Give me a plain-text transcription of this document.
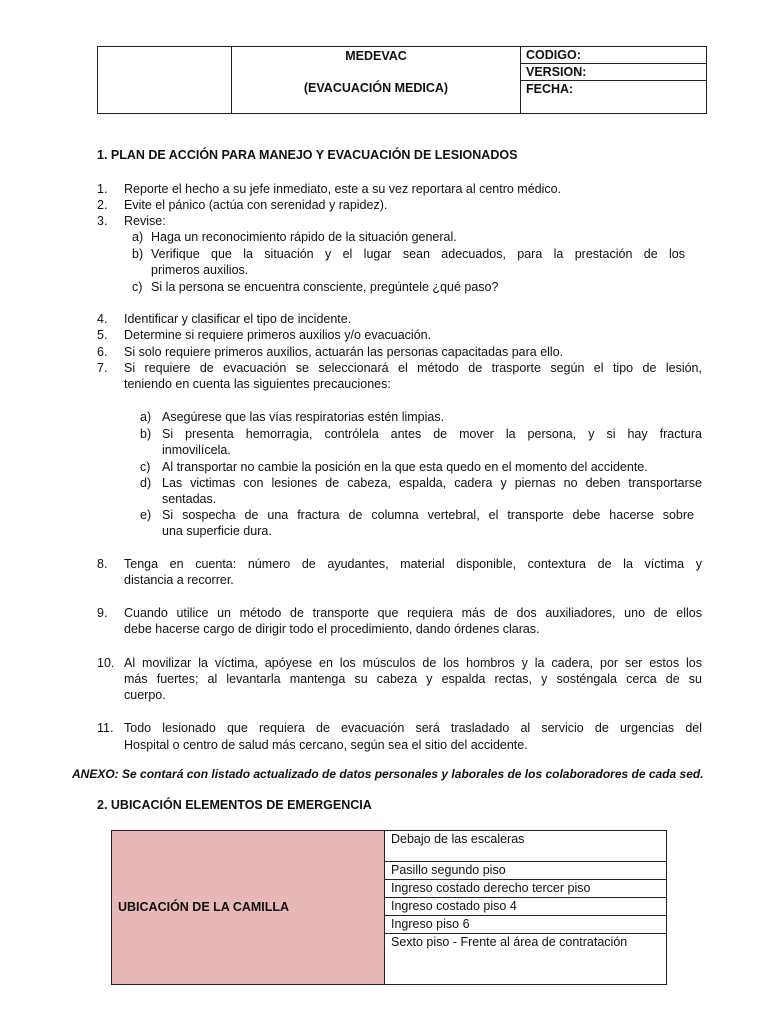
MEDEVAC
(EVACUACIÓN MEDICA)

CODIGO:
VERSION:
FECHA:
1. PLAN DE ACCIÓN PARA MANEJO Y EVACUACIÓN DE LESIONADOS
1. Reporte el hecho a su jefe inmediato, este a su vez reportara al centro médico.
2. Evite el pánico (actúa con serenidad y rapidez).
3. Revise:
a) Haga un reconocimiento rápido de la situación general.
b) Verifique que la situación y el lugar sean adecuados, para la prestación de los
primeros auxilios.
c) Si la persona se encuentra consciente, pregúntele ¿qué paso?
4. Identificar y clasificar el tipo de incidente.
5. Determine si requiere primeros auxilios y/o evacuación.
6. Si solo requiere primeros auxilios, actuarán las personas capacitadas para ello.
7. Si requiere de evacuación se seleccionará el método de trasporte según el tipo de lesión,
teniendo en cuenta las siguientes precauciones:
a) Asegúrese que las vías respiratorias estén limpias.
b) Si presenta hemorragia, contrólela antes de mover la persona, y si hay fractura
inmovilícela.
c) Al transportar no cambie la posición en la que esta quedo en el momento del accidente.
d) Las victimas con lesiones de cabeza, espalda, cadera y piernas no deben transportarse
sentadas.
e) Si sospecha de una fractura de columna vertebral, el transporte debe hacerse sobre
una superficie dura.
8. Tenga en cuenta: número de ayudantes, material disponible, contextura de la víctima y
distancia a recorrer.
9. Cuando utilice un método de transporte que requiera más de dos auxiliadores, uno de ellos
debe hacerse cargo de dirigir todo el procedimiento, dando órdenes claras.
10. Al movilizar la víctima, apóyese en los músculos de los hombros y la cadera, por ser estos los
más fuertes; al levantarla mantenga su cabeza y espalda rectas, y sosténgala cerca de su
cuerpo.
11. Todo lesionado que requiera de evacuación será trasladado al servicio de urgencias del
Hospital o centro de salud más cercano, según sea el sitio del accidente.
ANEXO: Se contará con listado actualizado de datos personales y laborales de los colaboradores de cada sed.
2. UBICACIÓN ELEMENTOS DE EMERGENCIA
UBICACIÓN DE LA CAMILLA	Debajo de las escaleras
Pasillo segundo piso
Ingreso costado derecho tercer piso
Ingreso costado piso 4
Ingreso piso 6
Sexto piso - Frente al área de contratación
